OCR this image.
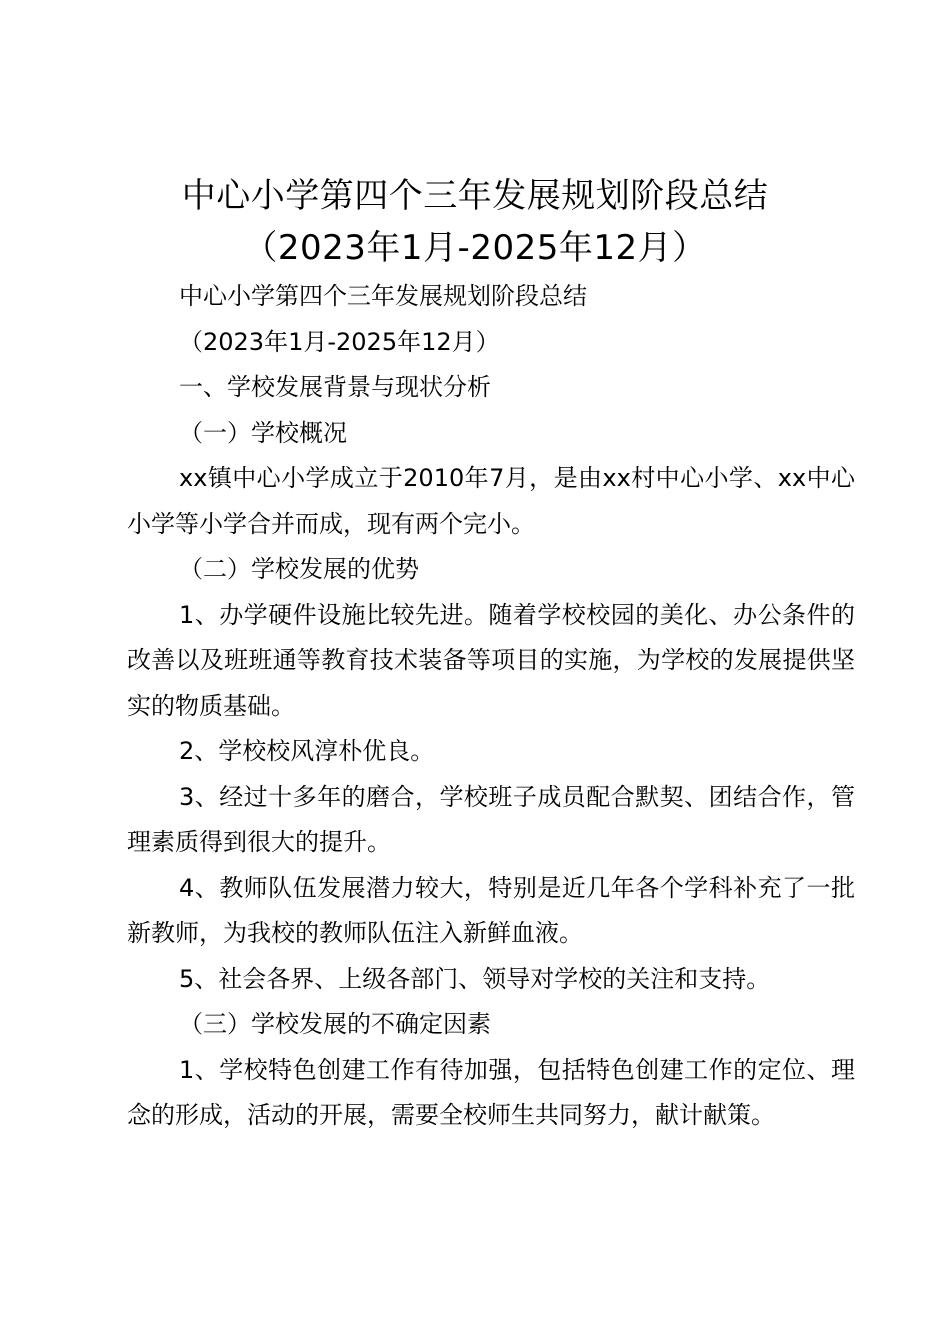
中心小学第四个三年发展规划阶段总结
（2023年1月-2025年12月）

中心小学第四个三年发展规划阶段总结

（2023年1月-2025年12月）

一、学校发展背景与现状分析

（一）学校概况

xx镇中心小学成立于2010年7月，是由xx村中心小学、xx中心小学等小学合并而成，现有两个完小。

（二）学校发展的优势

1、办学硬件设施比较先进。随着学校校园的美化、办公条件的改善以及班班通等教育技术装备等项目的实施，为学校的发展提供坚实的物质基础。

2、学校校风淳朴优良。

3、经过十多年的磨合，学校班子成员配合默契、团结合作，管理素质得到很大的提升。

4、教师队伍发展潜力较大，特别是近几年各个学科补充了一批新教师，为我校的教师队伍注入新鲜血液。

5、社会各界、上级各部门、领导对学校的关注和支持。

（三）学校发展的不确定因素

1、学校特色创建工作有待加强，包括特色创建工作的定位、理念的形成，活动的开展，需要全校师生共同努力，献计献策。
